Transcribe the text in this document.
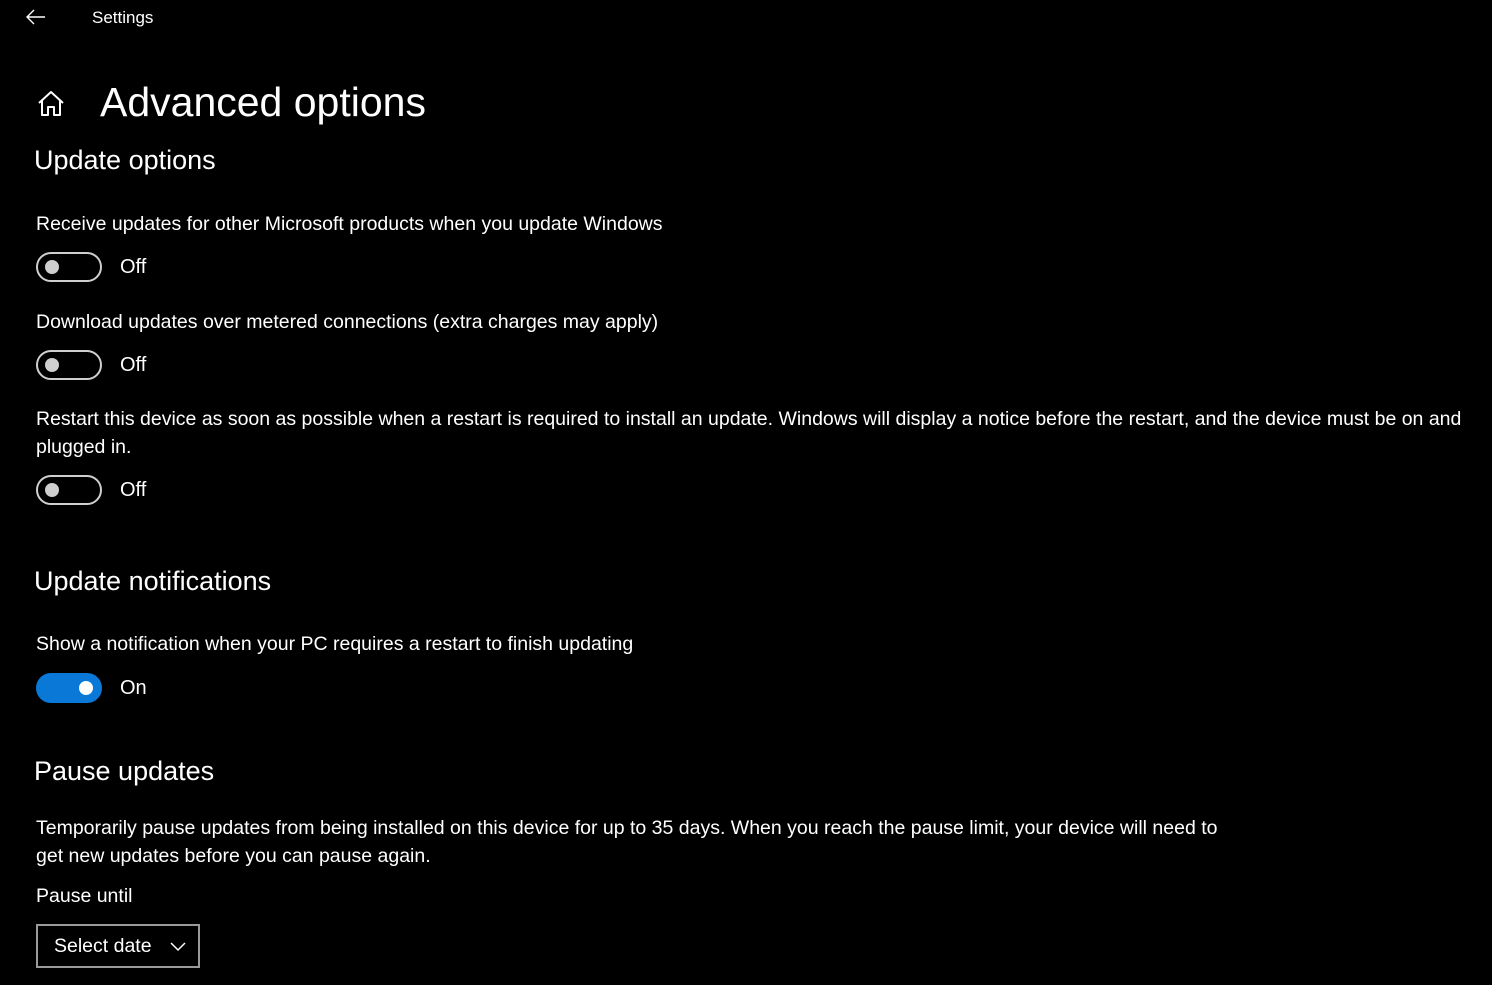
Settings
Advanced options
Update options
Receive updates for other Microsoft products when you update Windows
Off
Download updates over metered connections (extra charges may apply)
Off
Restart this device as soon as possible when a restart is required to install an update. Windows will display a notice before the restart, and the device must be on and plugged in.
Off
Update notifications
Show a notification when your PC requires a restart to finish updating
On
Pause updates
Temporarily pause updates from being installed on this device for up to 35 days. When you reach the pause limit, your device will need to get new updates before you can pause again.
Pause until
Select date
